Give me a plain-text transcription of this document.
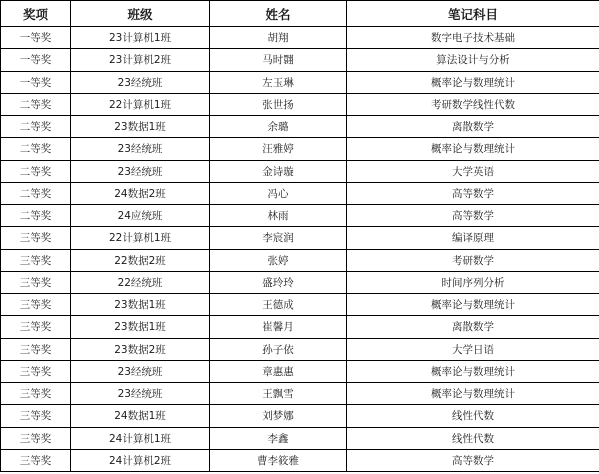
奖项	班级	姓名	笔记科目
一等奖	23计算机1班	胡翔	数字电子技术基础
一等奖	23计算机2班	马时翾	算法设计与分析
一等奖	23经统班	左玉琳	概率论与数理统计
二等奖	22计算机1班	张世扬	考研数学线性代数
二等奖	23数据1班	余璐	离散数学
二等奖	23经统班	汪雅婷	概率论与数理统计
二等奖	23经统班	金诗璇	大学英语
二等奖	24数据2班	冯心	高等数学
二等奖	24应统班	林雨	高等数学
三等奖	22计算机1班	李宸润	编译原理
三等奖	22数据2班	张婷	考研数学
三等奖	22经统班	盛玲玲	时间序列分析
三等奖	23数据1班	王德成	概率论与数理统计
三等奖	23数据1班	崔馨月	离散数学
三等奖	23数据2班	孙子依	大学日语
三等奖	23经统班	章惠惠	概率论与数理统计
三等奖	23经统班	王飘雪	概率论与数理统计
三等奖	24数据1班	刘梦娜	线性代数
三等奖	24计算机1班	李鑫	线性代数
三等奖	24计算机2班	曹李筱雅	高等数学
